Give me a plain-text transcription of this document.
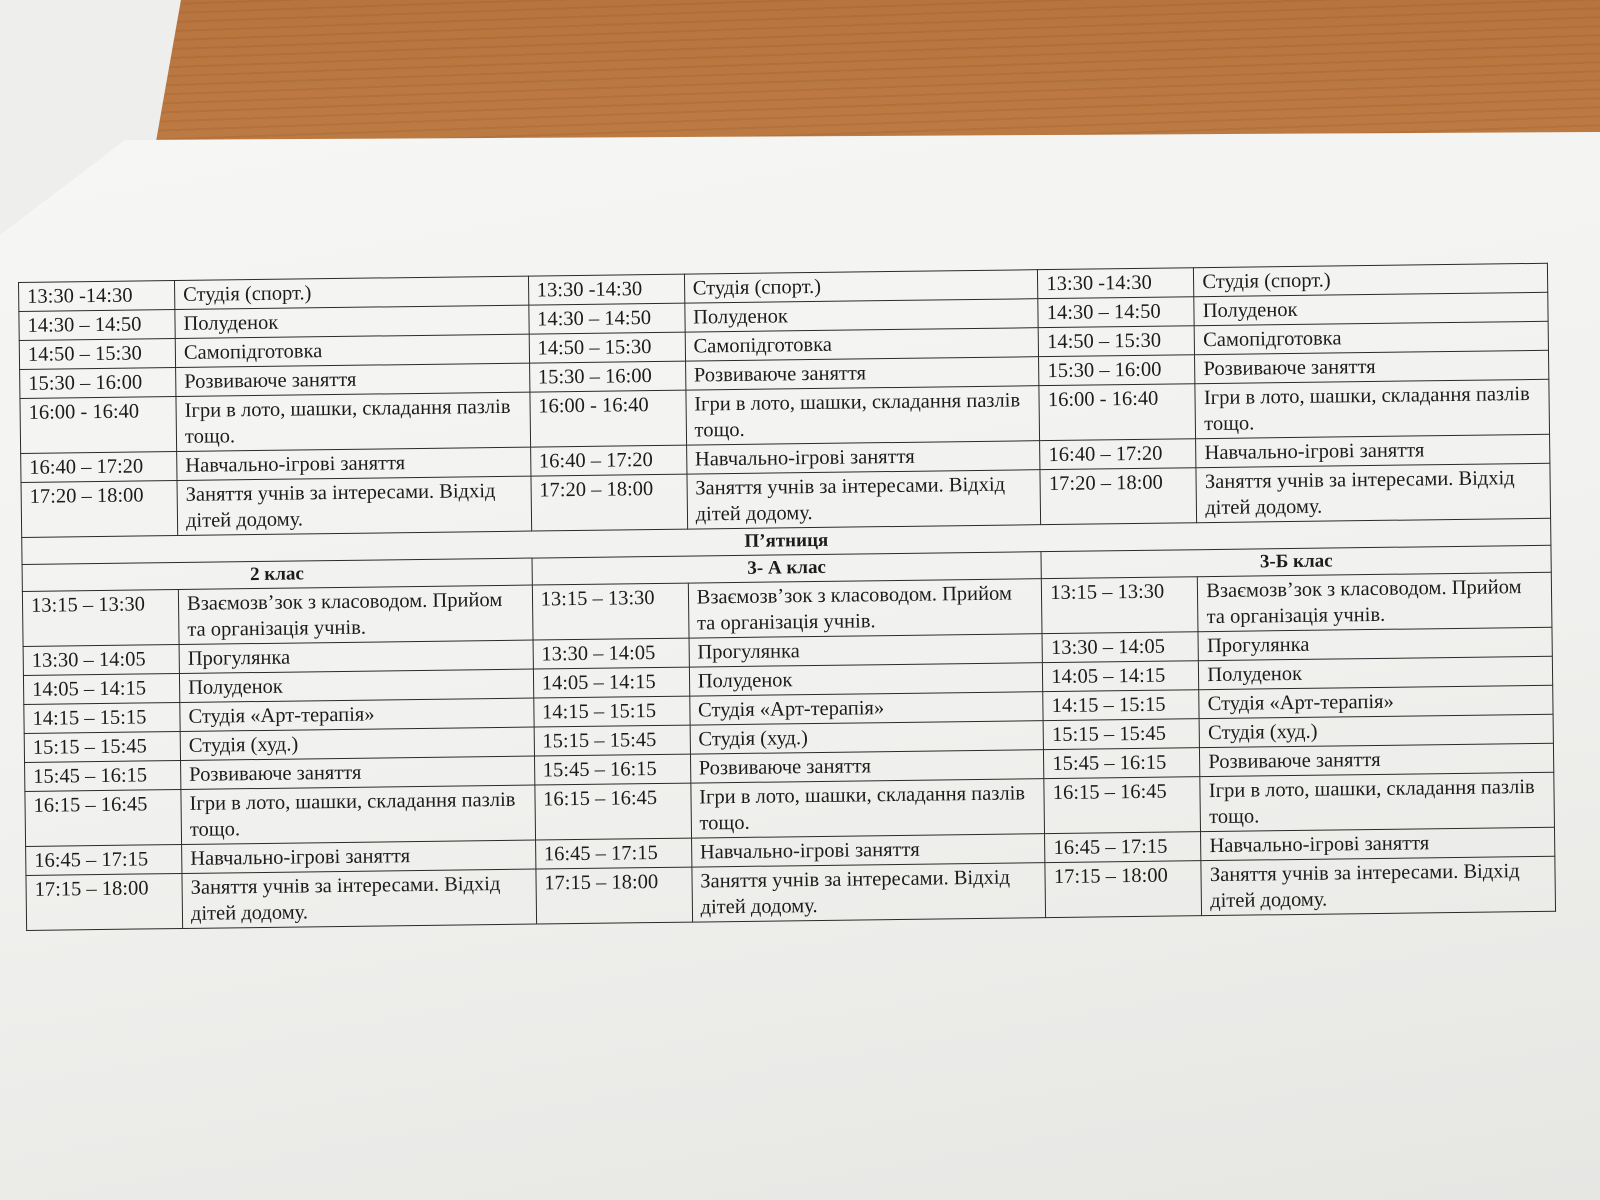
13:30 -14:30	Студія (спорт.)	13:30 -14:30	Студія (спорт.)	13:30 -14:30	Студія (спорт.)
14:30 – 14:50	Полуденок	14:30 – 14:50	Полуденок	14:30 – 14:50	Полуденок
14:50 – 15:30	Самопідготовка	14:50 – 15:30	Самопідготовка	14:50 – 15:30	Самопідготовка
15:30 – 16:00	Розвиваюче заняття	15:30 – 16:00	Розвиваюче заняття	15:30 – 16:00	Розвиваюче заняття
16:00 - 16:40	Ігри в лото, шашки, складання пазлів тощо.	16:00 - 16:40	Ігри в лото, шашки, складання пазлів тощо.	16:00 - 16:40	Ігри в лото, шашки, складання пазлів тощо.
16:40 – 17:20	Навчально-ігрові заняття	16:40 – 17:20	Навчально-ігрові заняття	16:40 – 17:20	Навчально-ігрові заняття
17:20 – 18:00	Заняття учнів за інтересами. Відхід дітей додому.	17:20 – 18:00	Заняття учнів за інтересами. Відхід дітей додому.	17:20 – 18:00	Заняття учнів за інтересами. Відхід дітей додому.
П’ятниця					
2 клас		3- А клас		3-Б клас	
13:15 – 13:30	Взаємозв’зок з класоводом. Прийом та організація учнів.	13:15 – 13:30	Взаємозв’зок з класоводом. Прийом та організація учнів.	13:15 – 13:30	Взаємозв’зок з класоводом. Прийом та організація учнів.
13:30 – 14:05	Прогулянка	13:30 – 14:05	Прогулянка	13:30 – 14:05	Прогулянка
14:05 – 14:15	Полуденок	14:05 – 14:15	Полуденок	14:05 – 14:15	Полуденок
14:15 – 15:15	Студія «Арт-терапія»	14:15 – 15:15	Студія «Арт-терапія»	14:15 – 15:15	Студія «Арт-терапія»
15:15 – 15:45	Студія (худ.)	15:15 – 15:45	Студія (худ.)	15:15 – 15:45	Студія (худ.)
15:45 – 16:15	Розвиваюче заняття	15:45 – 16:15	Розвиваюче заняття	15:45 – 16:15	Розвиваюче заняття
16:15 – 16:45	Ігри в лото, шашки, складання пазлів тощо.	16:15 – 16:45	Ігри в лото, шашки, складання пазлів тощо.	16:15 – 16:45	Ігри в лото, шашки, складання пазлів тощо.
16:45 – 17:15	Навчально-ігрові заняття	16:45 – 17:15	Навчально-ігрові заняття	16:45 – 17:15	Навчально-ігрові заняття
17:15 – 18:00	Заняття учнів за інтересами. Відхід дітей додому.	17:15 – 18:00	Заняття учнів за інтересами. Відхід дітей додому.	17:15 – 18:00	Заняття учнів за інтересами. Відхід дітей додому.
